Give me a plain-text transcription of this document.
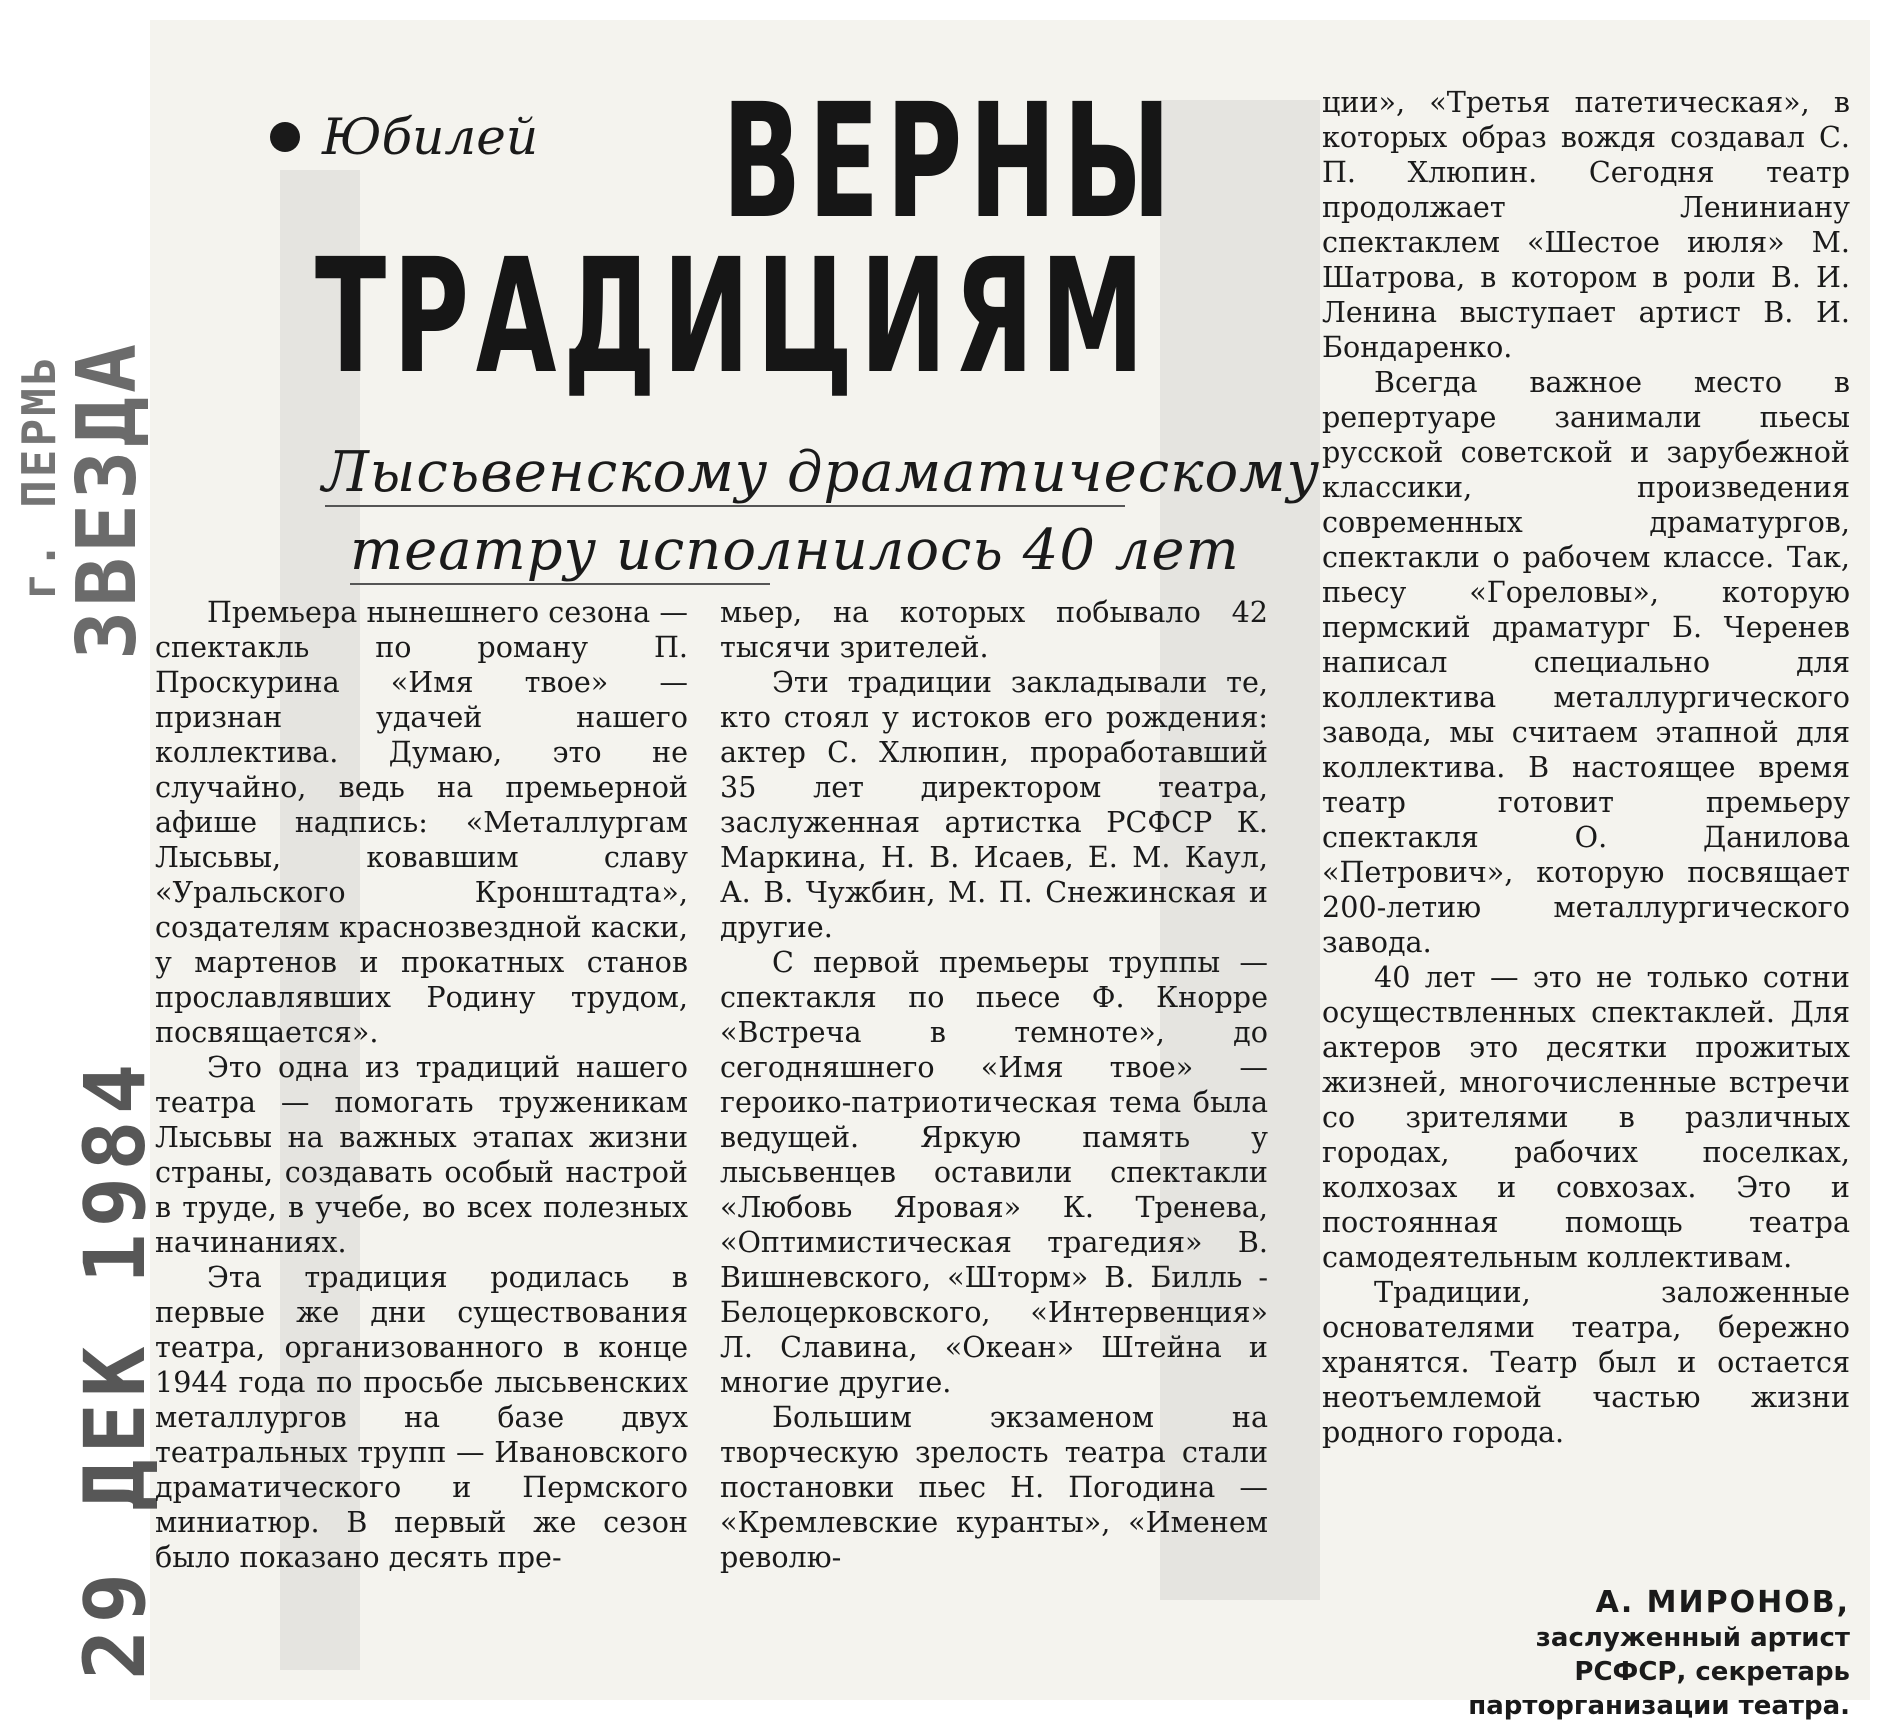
29 ДЕК 1984
ЗВЕЗДА
г. ПЕРМЬ
Юбилей ВЕРНЫ
ТРАДИЦИЯМ
Лысьвенскому драматическому
театру исполнилось 40 лет

Премьера нынешнего сезона — спектакль по роману П. Проскурина «Имя твое» — признан удачей нашего коллектива. Думаю, это не случайно, ведь на премьерной афише надпись: «Металлургам Лысьвы, ковавшим славу «Уральского Кронштадта», создателям краснозвездной каски, у мартенов и прокатных станов прославлявших Родину трудом, посвящается».

Это одна из традиций нашего театра — помогать труженикам Лысьвы на важных этапах жизни страны, создавать особый настрой в труде, в учебе, во всех полезных начинаниях.

Эта традиция родилась в первые же дни существования театра, организованного в конце 1944 года по просьбе лысьвенских металлургов на базе двух театральных трупп — Ивановского драматического и Пермского миниатюр. В первый же сезон было показано десять пре-

мьер, на которых побывало 42 тысячи зрителей.

Эти традиции закладывали те, кто стоял у истоков его рождения: актер С. Хлюпин, проработавший 35 лет директором театра, заслуженная артистка РСФСР К. Маркина, Н. В. Исаев, Е. М. Каул, А. В. Чужбин, М. П. Снежинская и другие.

С первой премьеры труппы — спектакля по пьесе Ф. Кнорре «Встреча в темноте», до сегодняшнего «Имя твое» — героико-патриотическая тема была ведущей. Яркую память у лысьвенцев оставили спектакли «Любовь Яровая» К. Тренева, «Оптимистическая трагедия» В. Вишневского, «Шторм» В. Билль - Белоцерковского, «Интервенция» Л. Славина, «Океан» Штейна и многие другие.

Большим экзаменом на творческую зрелость театра стали постановки пьес Н. Погодина — «Кремлевские куранты», «Именем револю-

ции», «Третья патетическая», в которых образ вождя создавал С. П. Хлюпин. Сегодня театр продолжает Лениниану спектаклем «Шестое июля» М. Шатрова, в котором в роли В. И. Ленина выступает артист В. И. Бондаренко.

Всегда важное место в репертуаре занимали пьесы русской советской и зарубежной классики, произведения современных драматургов, спектакли о рабочем классе. Так, пьесу «Гореловы», которую пермский драматург Б. Черенев написал специально для коллектива металлургического завода, мы считаем этапной для коллектива. В настоящее время театр готовит премьеру спектакля О. Данилова «Петрович», которую посвящает 200-летию металлургического завода.

40 лет — это не только сотни осуществленных спектаклей. Для актеров это десятки прожитых жизней, многочисленные встречи со зрителями в различных городах, рабочих поселках, колхозах и совхозах. Это и постоянная помощь театра самодеятельным коллективам.

Традиции, заложенные основателями театра, бережно хранятся. Театр был и остается неотъемлемой частью жизни родного города.

А. МИРОНОВ,
заслуженный артист
РСФСР, секретарь
парторганизации театра.
